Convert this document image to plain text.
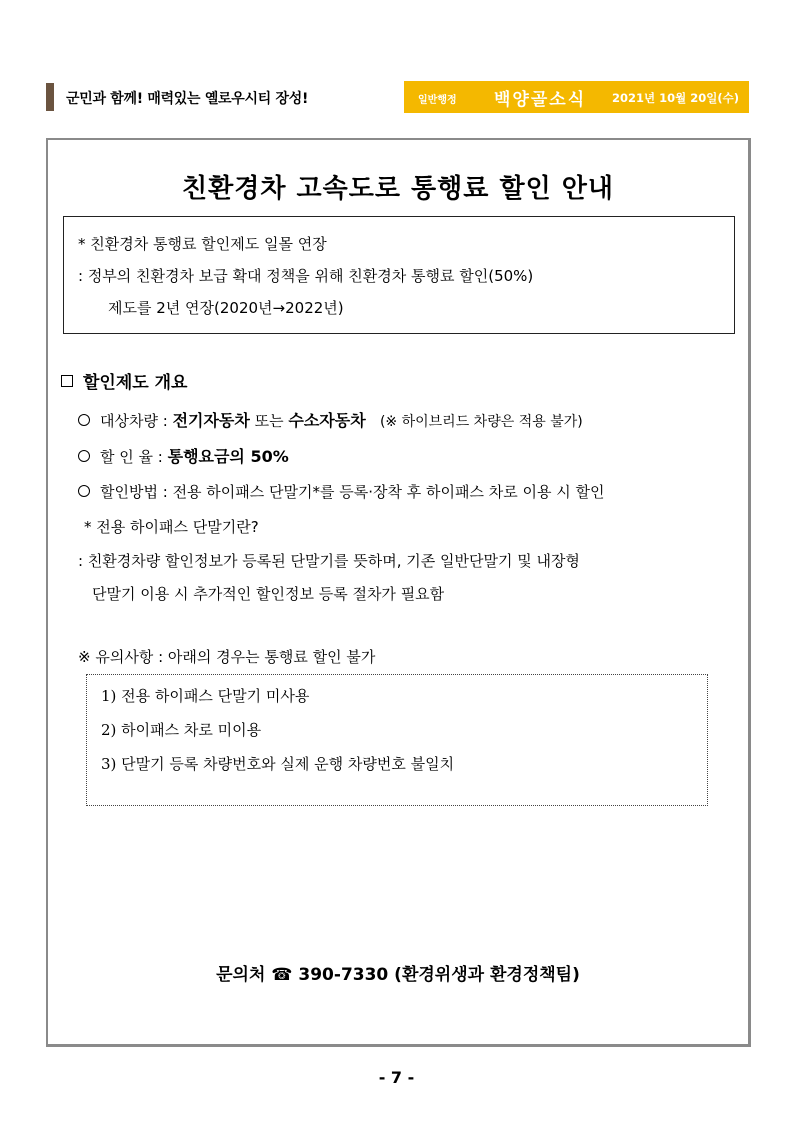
군민과 함께! 매력있는 옐로우시티 장성!	일반행정 백양골소식 2021년 10월 20일(수)
친환경차 고속도로 통행료 할인 안내
* 친환경차 통행료 할인제도 일몰 연장
: 정부의 친환경차 보급 확대 정책을 위해 친환경차 통행료 할인(50%)
제도를 2년 연장(2020년→2022년)
할인제도 개요
대상차량 : 전기자동차 또는 수소자동차 (※ 하이브리드 차량은 적용 불가)
할 인 율 : 통행요금의 50%
할인방법 : 전용 하이패스 단말기*를 등록·장착 후 하이패스 차로 이용 시 할인
* 전용 하이패스 단말기란?
: 친환경차량 할인정보가 등록된 단말기를 뜻하며, 기존 일반단말기 및 내장형
단말기 이용 시 추가적인 할인정보 등록 절차가 필요함
※ 유의사항 : 아래의 경우는 통행료 할인 불가
1) 전용 하이패스 단말기 미사용
2) 하이패스 차로 미이용
3) 단말기 등록 차량번호와 실제 운행 차량번호 불일치
문의처 ☎ 390-7330 (환경위생과 환경정책팀)
- 7 -
